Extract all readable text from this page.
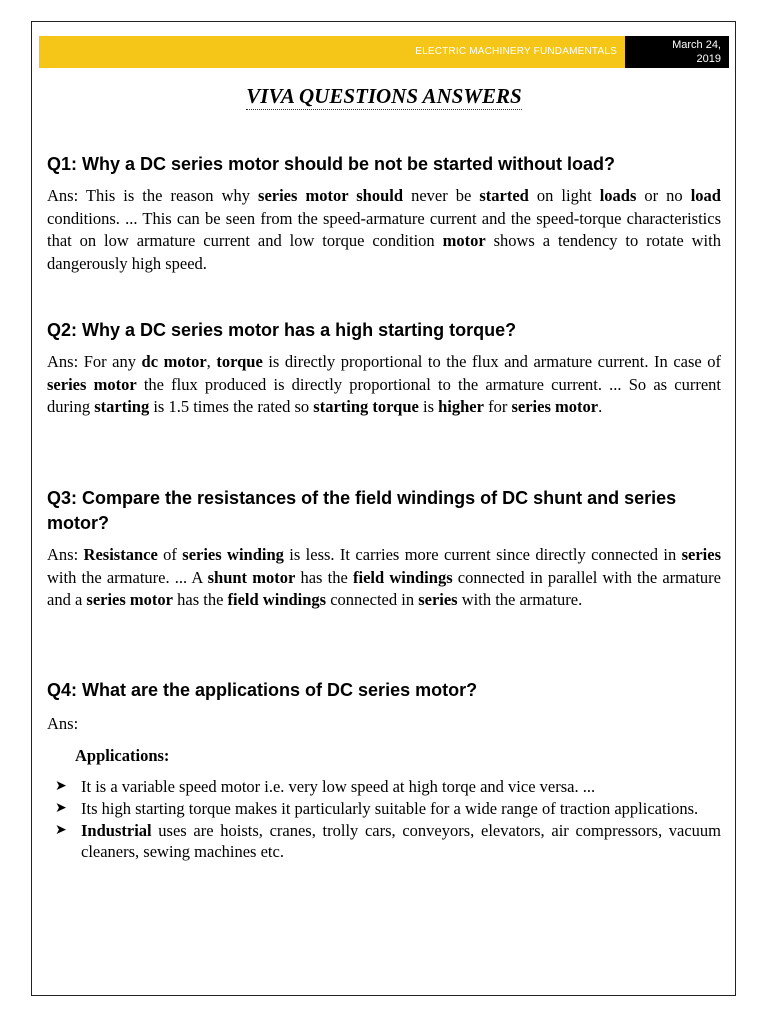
ELECTRIC MACHINERY FUNDAMENTALS
March 24,
2019
VIVA QUESTIONS ANSWERS
Q1: Why a DC series motor should be not be started without load?
Ans: This is the reason why series motor should never be started on light loads or no load conditions. ... This can be seen from the speed-armature current and the speed-torque characteristics that on low armature current and low torque condition motor shows a tendency to rotate with dangerously high speed.
Q2: Why a DC series motor has a high starting torque?
Ans: For any dc motor, torque is directly proportional to the flux and armature current. In case of series motor the flux produced is directly proportional to the armature current. ... So as current during starting is 1.5 times the rated so starting torque is higher for series motor.
Q3: Compare the resistances of the field windings of DC shunt and series motor?
Ans: Resistance of series winding is less. It carries more current since directly connected in series with the armature. ... A shunt motor has the field windings connected in parallel with the armature and a series motor has the field windings connected in series with the armature.
Q4: What are the applications of DC series motor?
Ans:
Applications:
➤ It is a variable speed motor i.e. very low speed at high torqe and vice versa. ...
➤ Its high starting torque makes it particularly suitable for a wide range of traction applications.
➤ Industrial uses are hoists, cranes, trolly cars, conveyors, elevators, air compressors, vacuum cleaners, sewing machines etc.
